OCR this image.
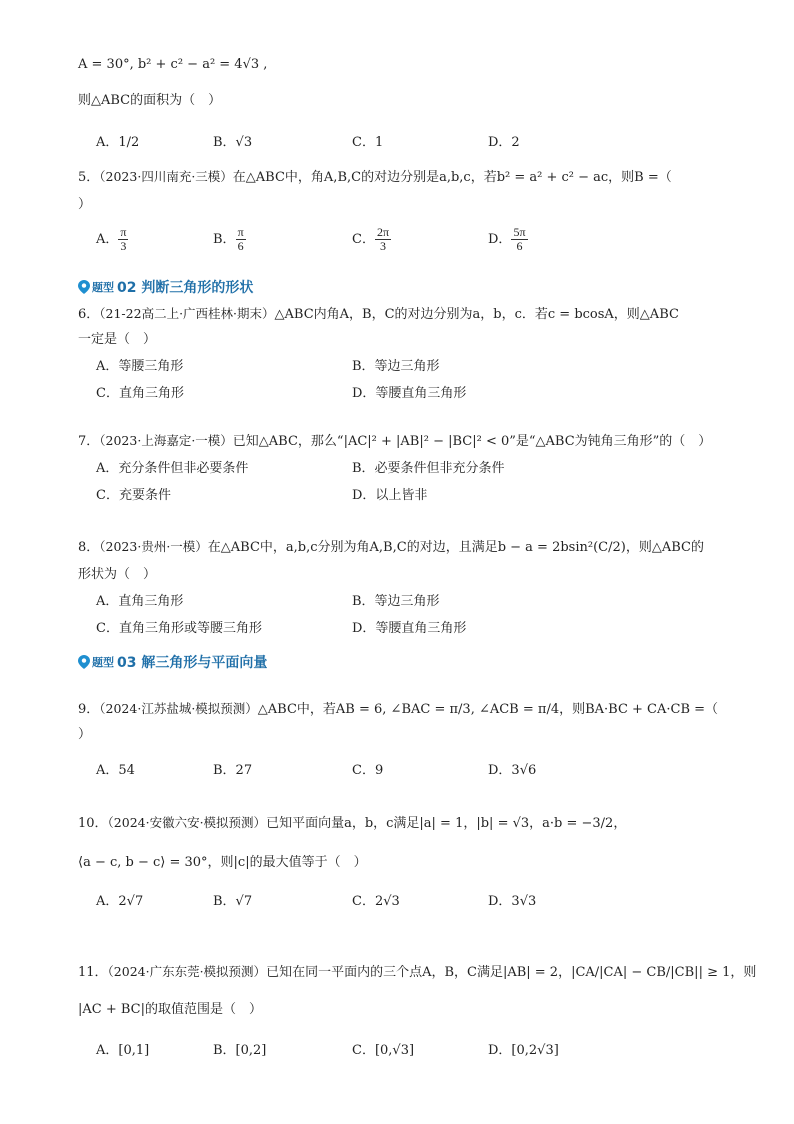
A = 30°, b² + c² − a² = 4√3 ,
则△ABC的面积为（　）
A．1/2	B．√3	C．1	D．2
5．（2023·四川南充·三模）在△ABC中，角A,B,C的对边分别是a,b,c，若b² = a² + c² − ac，则B =（
）
A． $\frac{\pi}{3}$	B． $\frac{\pi}{6}$	C． $\frac{2\pi}{3}$	D． $\frac{5\pi}{6}$
题型 02 判断三角形的形状
6．（21-22高二上·广西桂林·期末）△ABC内角A，B，C的对边分别为a，b，c．若c = bcosA，则△ABC
一定是（　）
A．等腰三角形	B．等边三角形
C．直角三角形	D．等腰直角三角形
7．（2023·上海嘉定·一模）已知△ABC，那么“|AC|² + |AB|² − |BC|² < 0”是“△ABC为钝角三角形”的（　）
A．充分条件但非必要条件	B．必要条件但非充分条件
C．充要条件	D．以上皆非
8．（2023·贵州·一模）在△ABC中，a,b,c分别为角A,B,C的对边，且满足b − a = 2bsin²(C/2)，则△ABC的
形状为（　）
A．直角三角形	B．等边三角形
C．直角三角形或等腰三角形	D．等腰直角三角形
题型 03 解三角形与平面向量
9．（2024·江苏盐城·模拟预测）△ABC中，若AB = 6, ∠BAC = π/3, ∠ACB = π/4，则BA·BC + CA·CB =（
）
A．54	B．27	C．9	D．3√6
10．（2024·安徽六安·模拟预测）已知平面向量a，b，c满足|a| = 1，|b| = √3，a·b = −3/2，
⟨a − c, b − c⟩ = 30°，则|c|的最大值等于（　）
A．2√7	B．√7	C．2√3	D．3√3
11．（2024·广东东莞·模拟预测）已知在同一平面内的三个点A，B，C满足|AB| = 2，|CA/|CA| − CB/|CB|| ≥ 1，则
|AC + BC|的取值范围是（　）
A．[0,1]	B．[0,2]	C．[0,√3]	D．[0,2√3]
